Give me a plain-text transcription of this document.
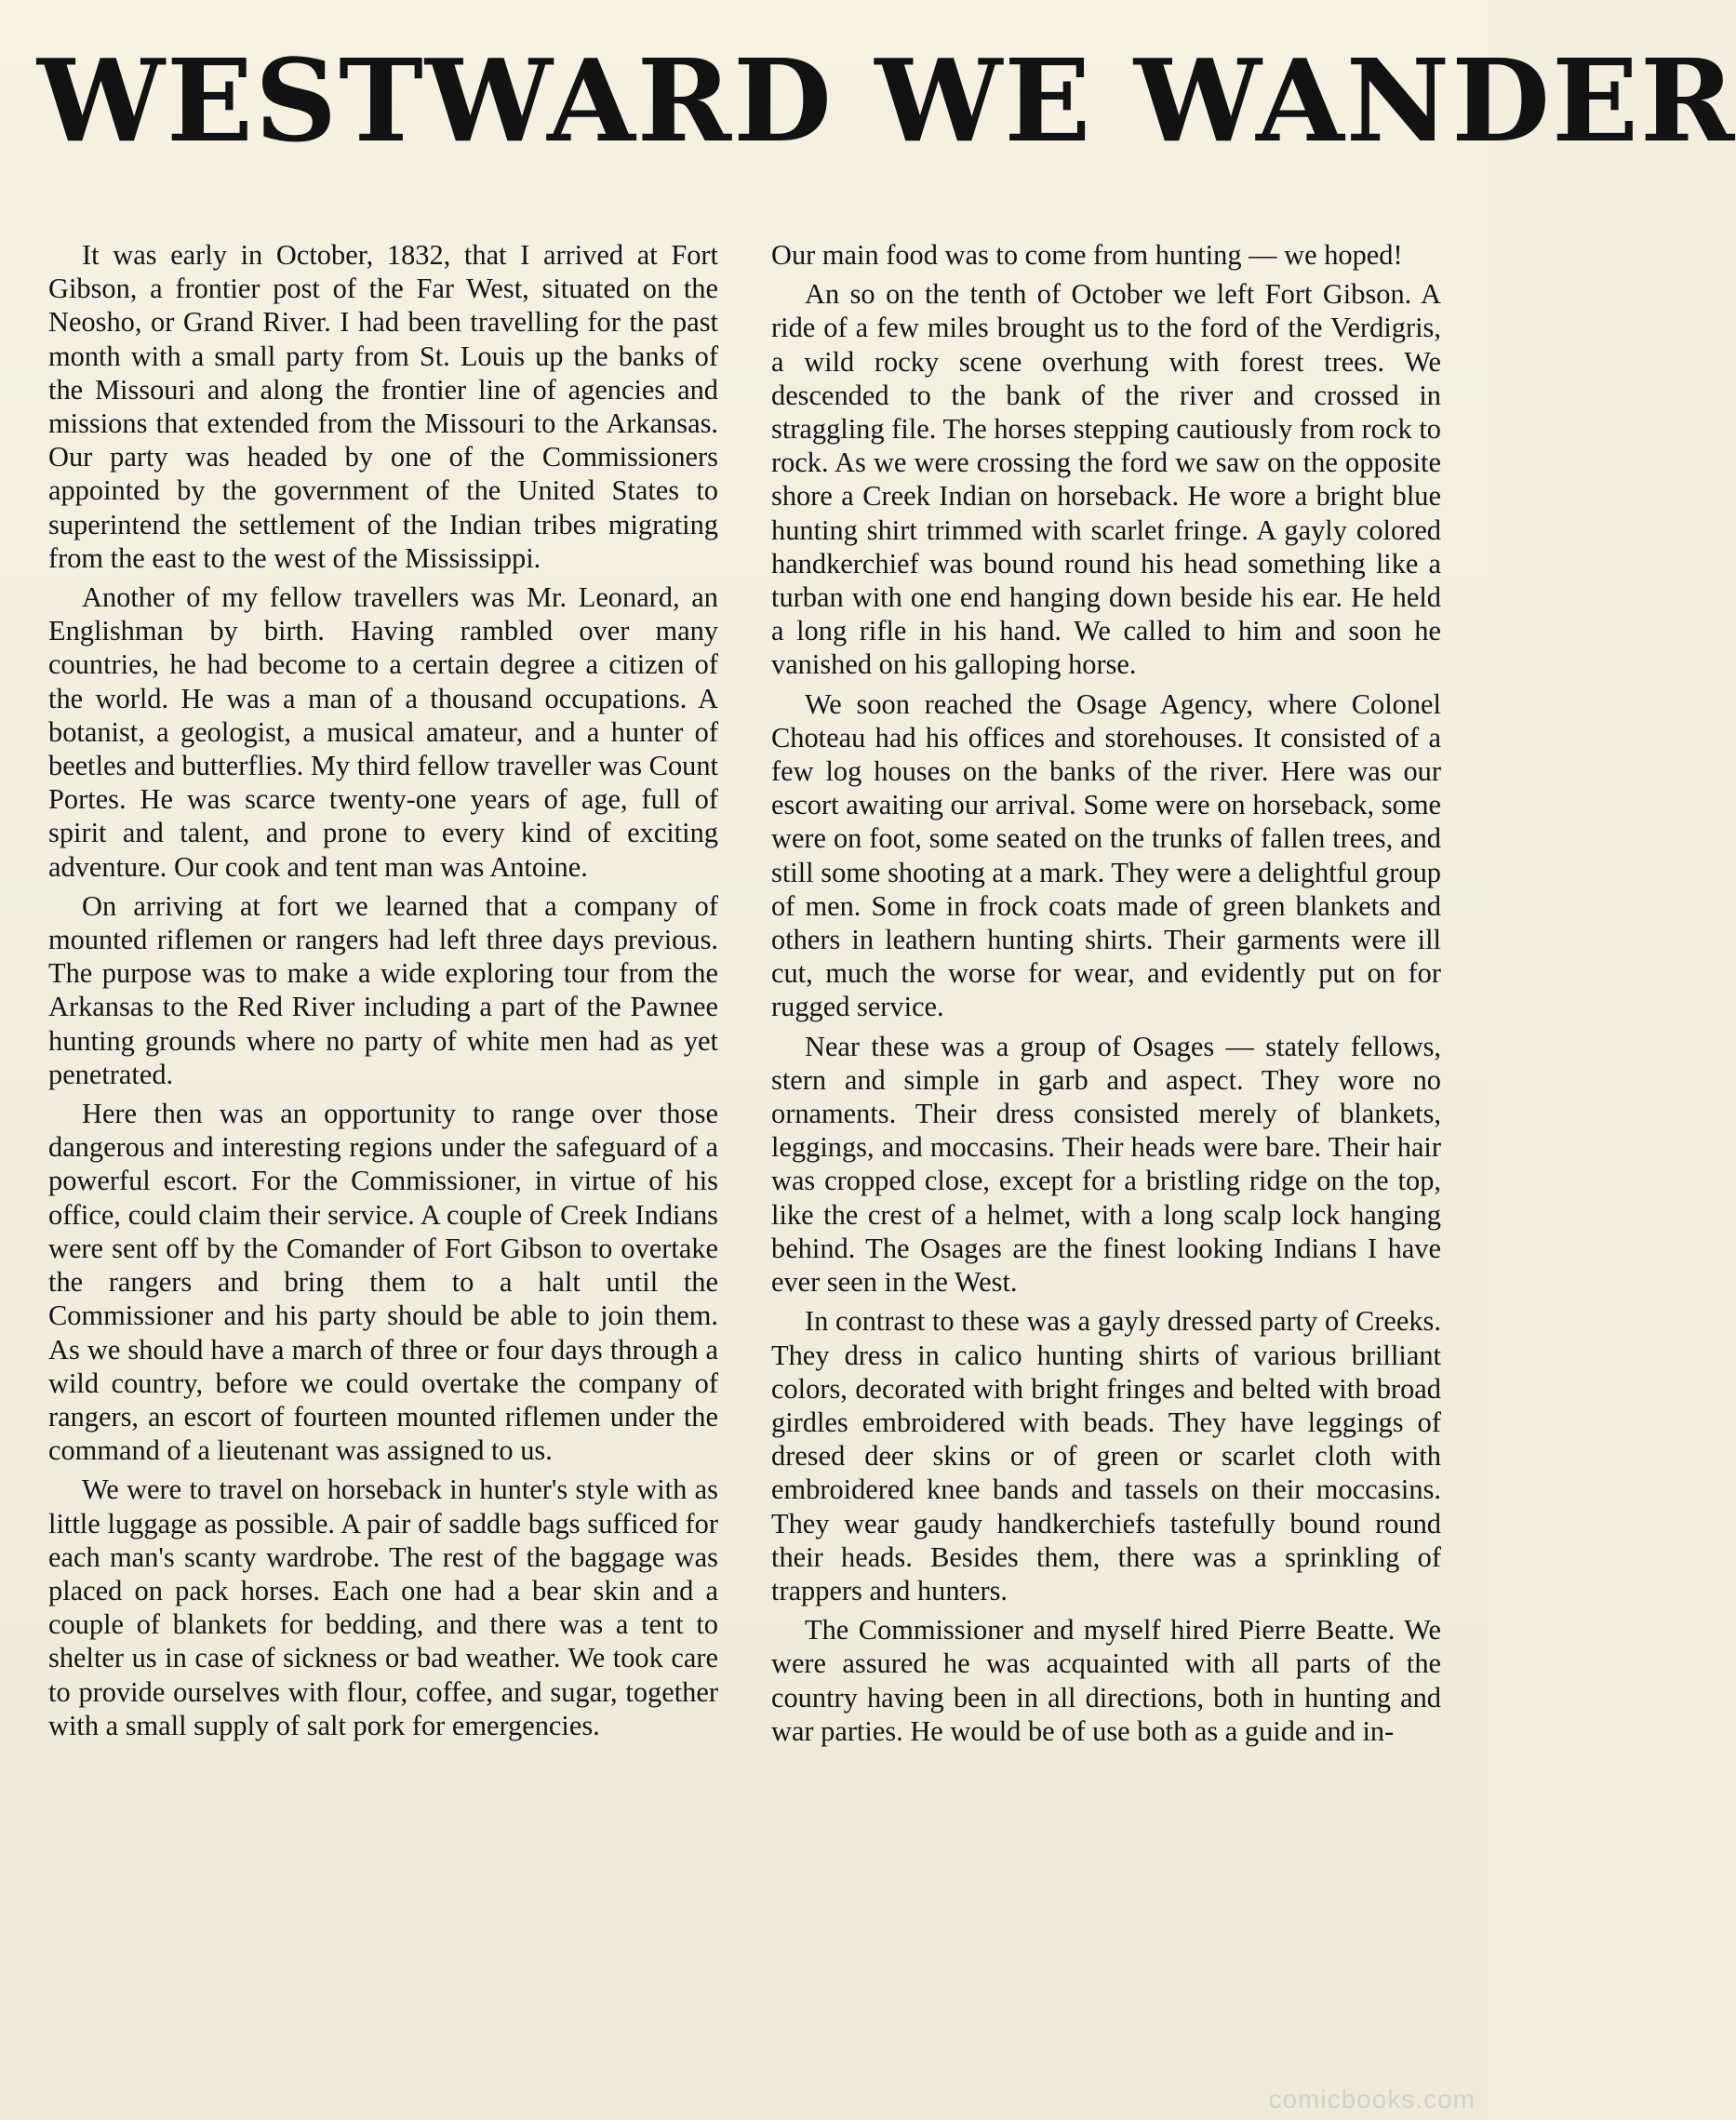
WESTWARD WE WANDER

It was early in October, 1832, that I arrived at Fort Gibson, a frontier post of the Far West, situated on the Neosho, or Grand River. I had been travelling for the past month with a small party from St. Louis up the banks of the Missouri and along the frontier line of agencies and missions that extended from the Missouri to the Arkansas. Our party was headed by one of the Commissioners appointed by the government of the United States to superintend the settlement of the Indian tribes migrating from the east to the west of the Mississippi.

Another of my fellow travellers was Mr. Leonard, an Englishman by birth. Having rambled over many countries, he had become to a certain degree a citizen of the world. He was a man of a thousand occupations. A botanist, a geologist, a musical amateur, and a hunter of beetles and butterflies. My third fellow traveller was Count Portes. He was scarce twenty-one years of age, full of spirit and talent, and prone to every kind of exciting adventure. Our cook and tent man was Antoine.

On arriving at fort we learned that a company of mounted riflemen or rangers had left three days previous. The purpose was to make a wide exploring tour from the Arkansas to the Red River including a part of the Pawnee hunting grounds where no party of white men had as yet penetrated.

Here then was an opportunity to range over those dangerous and interesting regions under the safeguard of a powerful escort. For the Commissioner, in virtue of his office, could claim their service. A couple of Creek Indians were sent off by the Comander of Fort Gibson to overtake the rangers and bring them to a halt until the Commissioner and his party should be able to join them. As we should have a march of three or four days through a wild country, before we could overtake the company of rangers, an escort of fourteen mounted riflemen under the command of a lieutenant was assigned to us.

We were to travel on horseback in hunter's style with as little luggage as possible. A pair of saddle bags sufficed for each man's scanty wardrobe. The rest of the baggage was placed on pack horses. Each one had a bear skin and a couple of blankets for bedding, and there was a tent to shelter us in case of sickness or bad weather. We took care to provide ourselves with flour, coffee, and sugar, together with a small supply of salt pork for emergencies.

Our main food was to come from hunting — we hoped!

An so on the tenth of October we left Fort Gibson. A ride of a few miles brought us to the ford of the Verdigris, a wild rocky scene overhung with forest trees. We descended to the bank of the river and crossed in straggling file. The horses stepping cautiously from rock to rock. As we were crossing the ford we saw on the opposite shore a Creek Indian on horseback. He wore a bright blue hunting shirt trimmed with scarlet fringe. A gayly colored handkerchief was bound round his head something like a turban with one end hanging down beside his ear. He held a long rifle in his hand. We called to him and soon he vanished on his galloping horse.

We soon reached the Osage Agency, where Colonel Choteau had his offices and storehouses. It consisted of a few log houses on the banks of the river. Here was our escort awaiting our arrival. Some were on horseback, some were on foot, some seated on the trunks of fallen trees, and still some shooting at a mark. They were a delightful group of men. Some in frock coats made of green blankets and others in leathern hunting shirts. Their garments were ill cut, much the worse for wear, and evidently put on for rugged service.

Near these was a group of Osages — stately fellows, stern and simple in garb and aspect. They wore no ornaments. Their dress consisted merely of blankets, leggings, and moccasins. Their heads were bare. Their hair was cropped close, except for a bristling ridge on the top, like the crest of a helmet, with a long scalp lock hanging behind. The Osages are the finest looking Indians I have ever seen in the West.

In contrast to these was a gayly dressed party of Creeks. They dress in calico hunting shirts of various brilliant colors, decorated with bright fringes and belted with broad girdles embroidered with beads. They have leggings of dresed deer skins or of green or scarlet cloth with embroidered knee bands and tassels on their moccasins. They wear gaudy handkerchiefs tastefully bound round their heads. Besides them, there was a sprinkling of trappers and hunters.

The Commissioner and myself hired Pierre Beatte. We were assured he was acquainted with all parts of the country having been in all directions, both in hunting and war parties. He would be of use both as a guide and in-

comicbooks.com
